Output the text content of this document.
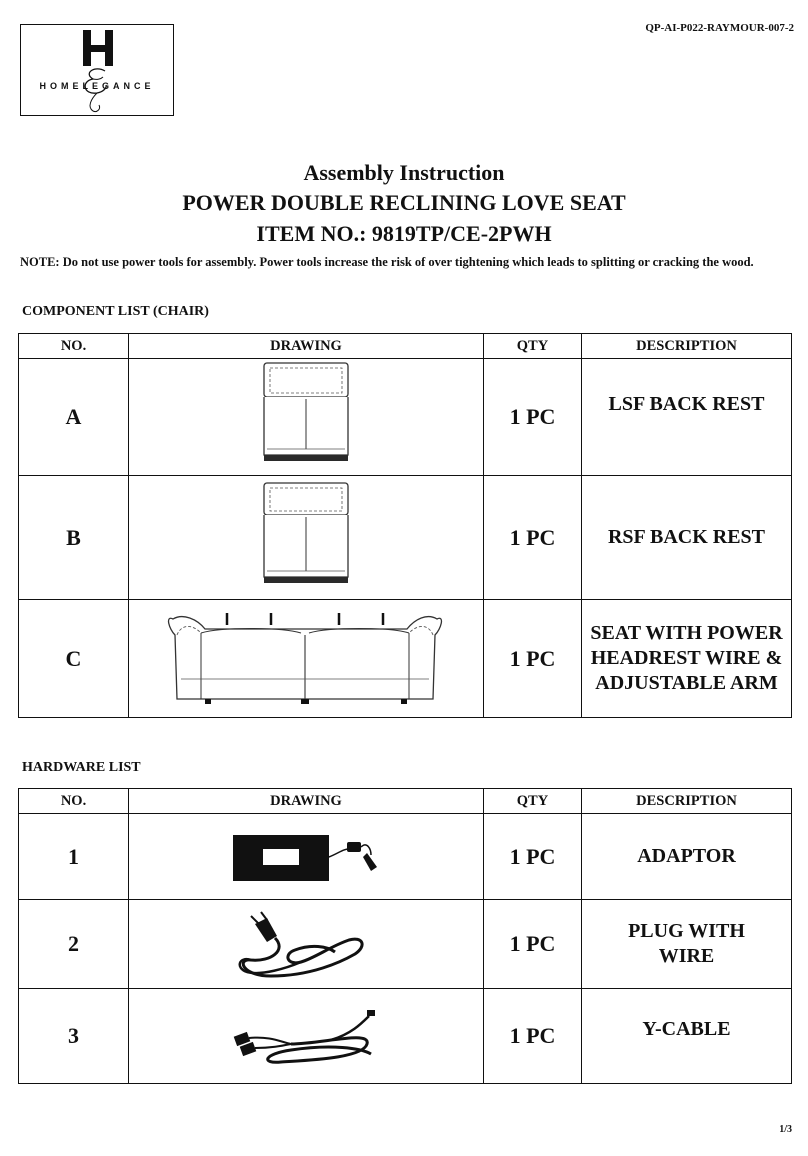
QP-AI-P022-RAYMOUR-007-2
HOMELEGANCE
Assembly Instruction
POWER DOUBLE RECLINING LOVE SEAT
ITEM NO.: 9819TP/CE-2PWH
NOTE: Do not use power tools for assembly. Power tools increase the risk of over tightening which leads to splitting or cracking the wood.
COMPONENT LIST (CHAIR)
NO.	DRAWING	QTY	DESCRIPTION
A		1 PC	LSF BACK REST
B		1 PC	RSF BACK REST
C		1 PC	SEAT WITH POWER
HEADREST WIRE &
ADJUSTABLE ARM
HARDWARE LIST
NO.	DRAWING	QTY	DESCRIPTION
1		1 PC	ADAPTOR
2		1 PC	PLUG WITH
WIRE

3		1 PC	Y-CABLE
1/3
